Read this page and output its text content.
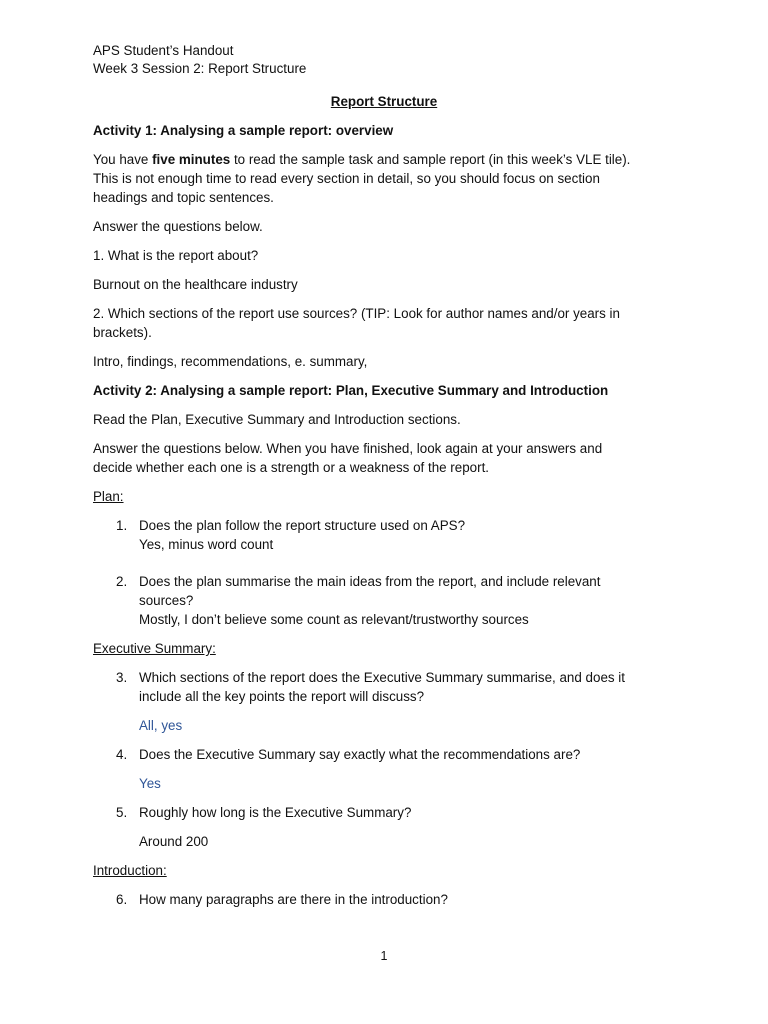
APS Student’s Handout
Week 3 Session 2: Report Structure
Report Structure
Activity 1: Analysing a sample report: overview
You have five minutes to read the sample task and sample report (in this week’s VLE tile).
This is not enough time to read every section in detail, so you should focus on section
headings and topic sentences.
Answer the questions below.
1. What is the report about?
Burnout on the healthcare industry
2. Which sections of the report use sources? (TIP: Look for author names and/or years in
brackets).
Intro, findings, recommendations, e. summary,
Activity 2: Analysing a sample report: Plan, Executive Summary and Introduction
Read the Plan, Executive Summary and Introduction sections.
Answer the questions below. When you have finished, look again at your answers and
decide whether each one is a strength or a weakness of the report.
Plan:
1. Does the plan follow the report structure used on APS?
Yes, minus word count
2. Does the plan summarise the main ideas from the report, and include relevant
sources?
Mostly, I don’t believe some count as relevant/trustworthy sources
Executive Summary:
3. Which sections of the report does the Executive Summary summarise, and does it
include all the key points the report will discuss?
All, yes
4. Does the Executive Summary say exactly what the recommendations are?
Yes
5. Roughly how long is the Executive Summary?
Around 200
Introduction:
6. How many paragraphs are there in the introduction?
1
